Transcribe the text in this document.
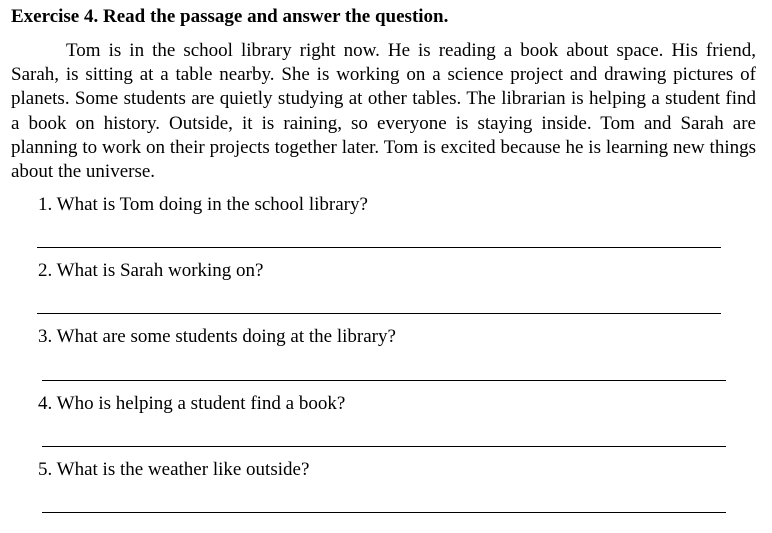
Exercise 4. Read the passage and answer the question.

Tom is in the school library right now. He is reading a book about space. His friend, Sarah, is sitting at a table nearby. She is working on a science project and drawing pictures of planets. Some students are quietly studying at other tables. The librarian is helping a student find a book on history. Outside, it is raining, so everyone is staying inside. Tom and Sarah are planning to work on their projects together later. Tom is excited because he is learning new things about the universe.

1. What is Tom doing in the school library?
2. What is Sarah working on?
3. What are some students doing at the library?
4. Who is helping a student find a book?
5. What is the weather like outside?
